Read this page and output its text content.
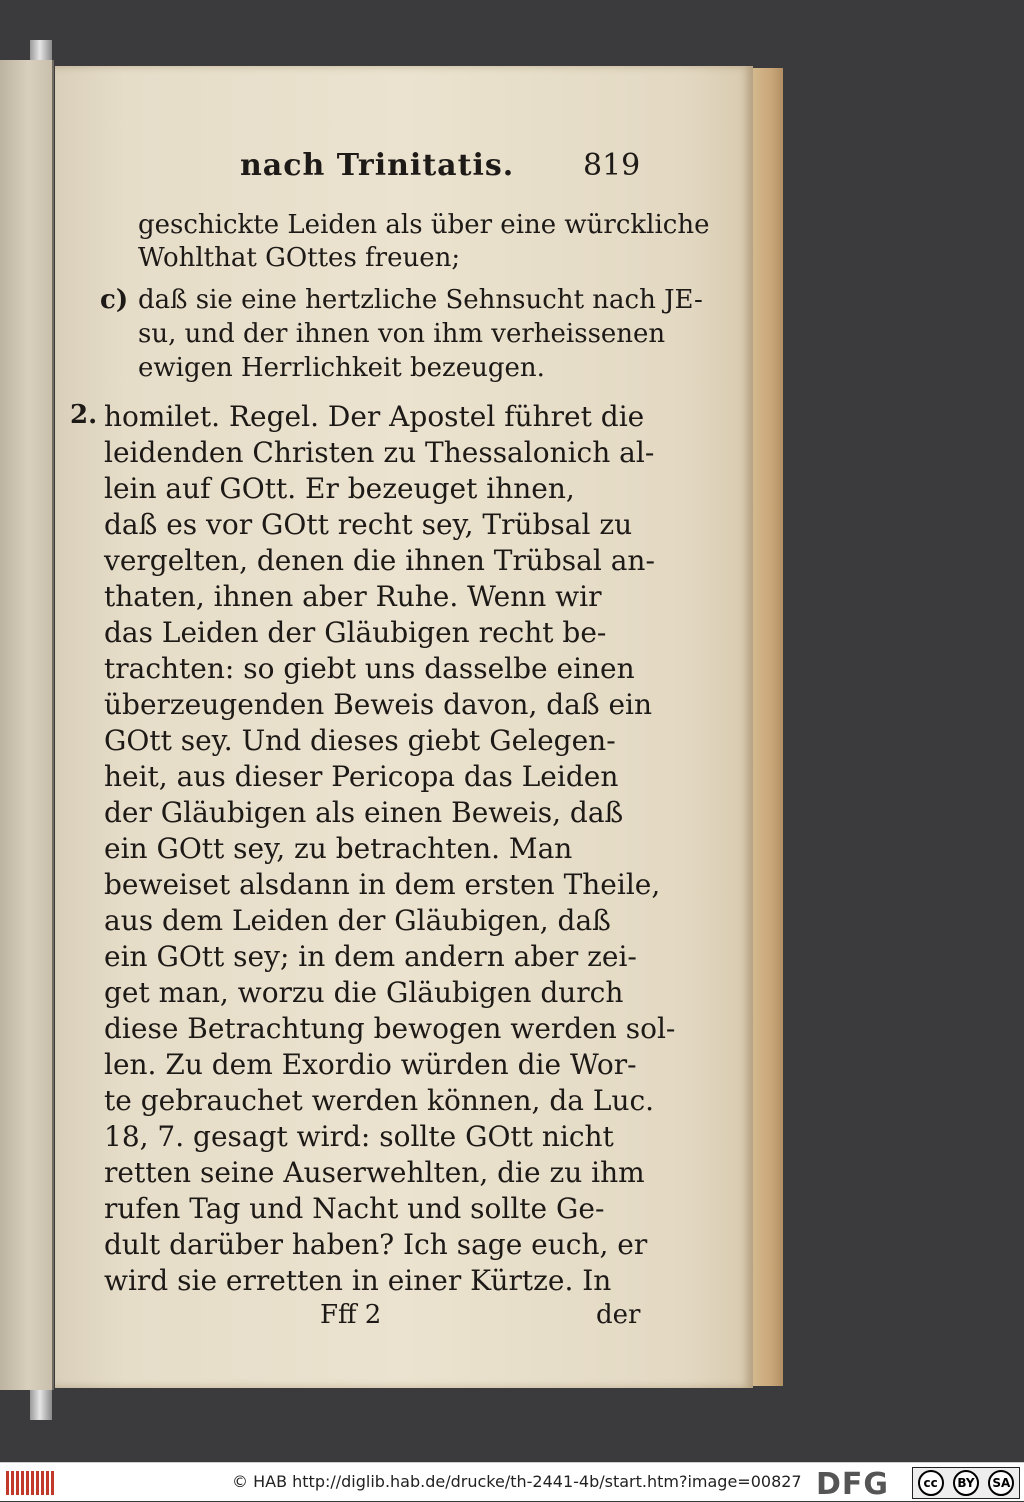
nach Trinitatis. 819
geschickte Leiden als über eine würckliche
Wohlthat GOttes freuen;
c) daß sie eine hertzliche Sehnsucht nach JE-
su, und der ihnen von ihm verheissenen
ewigen Herrlichkeit bezeugen.
2. homilet. Regel. Der Apostel führet die
leidenden Christen zu Thessalonich al-
lein auf GOtt. Er bezeuget ihnen,
daß es vor GOtt recht sey, Trübsal zu
vergelten, denen die ihnen Trübsal an-
thaten, ihnen aber Ruhe. Wenn wir
das Leiden der Gläubigen recht be-
trachten: so giebt uns dasselbe einen
überzeugenden Beweis davon, daß ein
GOtt sey. Und dieses giebt Gelegen-
heit, aus dieser Pericopa das Leiden
der Gläubigen als einen Beweis, daß
ein GOtt sey, zu betrachten. Man
beweiset alsdann in dem ersten Theile,
aus dem Leiden der Gläubigen, daß
ein GOtt sey; in dem andern aber zei-
get man, worzu die Gläubigen durch
diese Betrachtung bewogen werden sol-
len. Zu dem Exordio würden die Wor-
te gebrauchet werden können, da Luc.
18, 7. gesagt wird: sollte GOtt nicht
retten seine Auserwehlten, die zu ihm
rufen Tag und Nacht und sollte Ge-
dult darüber haben? Ich sage euch, er
wird sie erretten in einer Kürtze. In
Fff 2	der
© HAB http://diglib.hab.de/drucke/th-2441-4b/start.htm?image=00827 DFG	cc	BY	SA
